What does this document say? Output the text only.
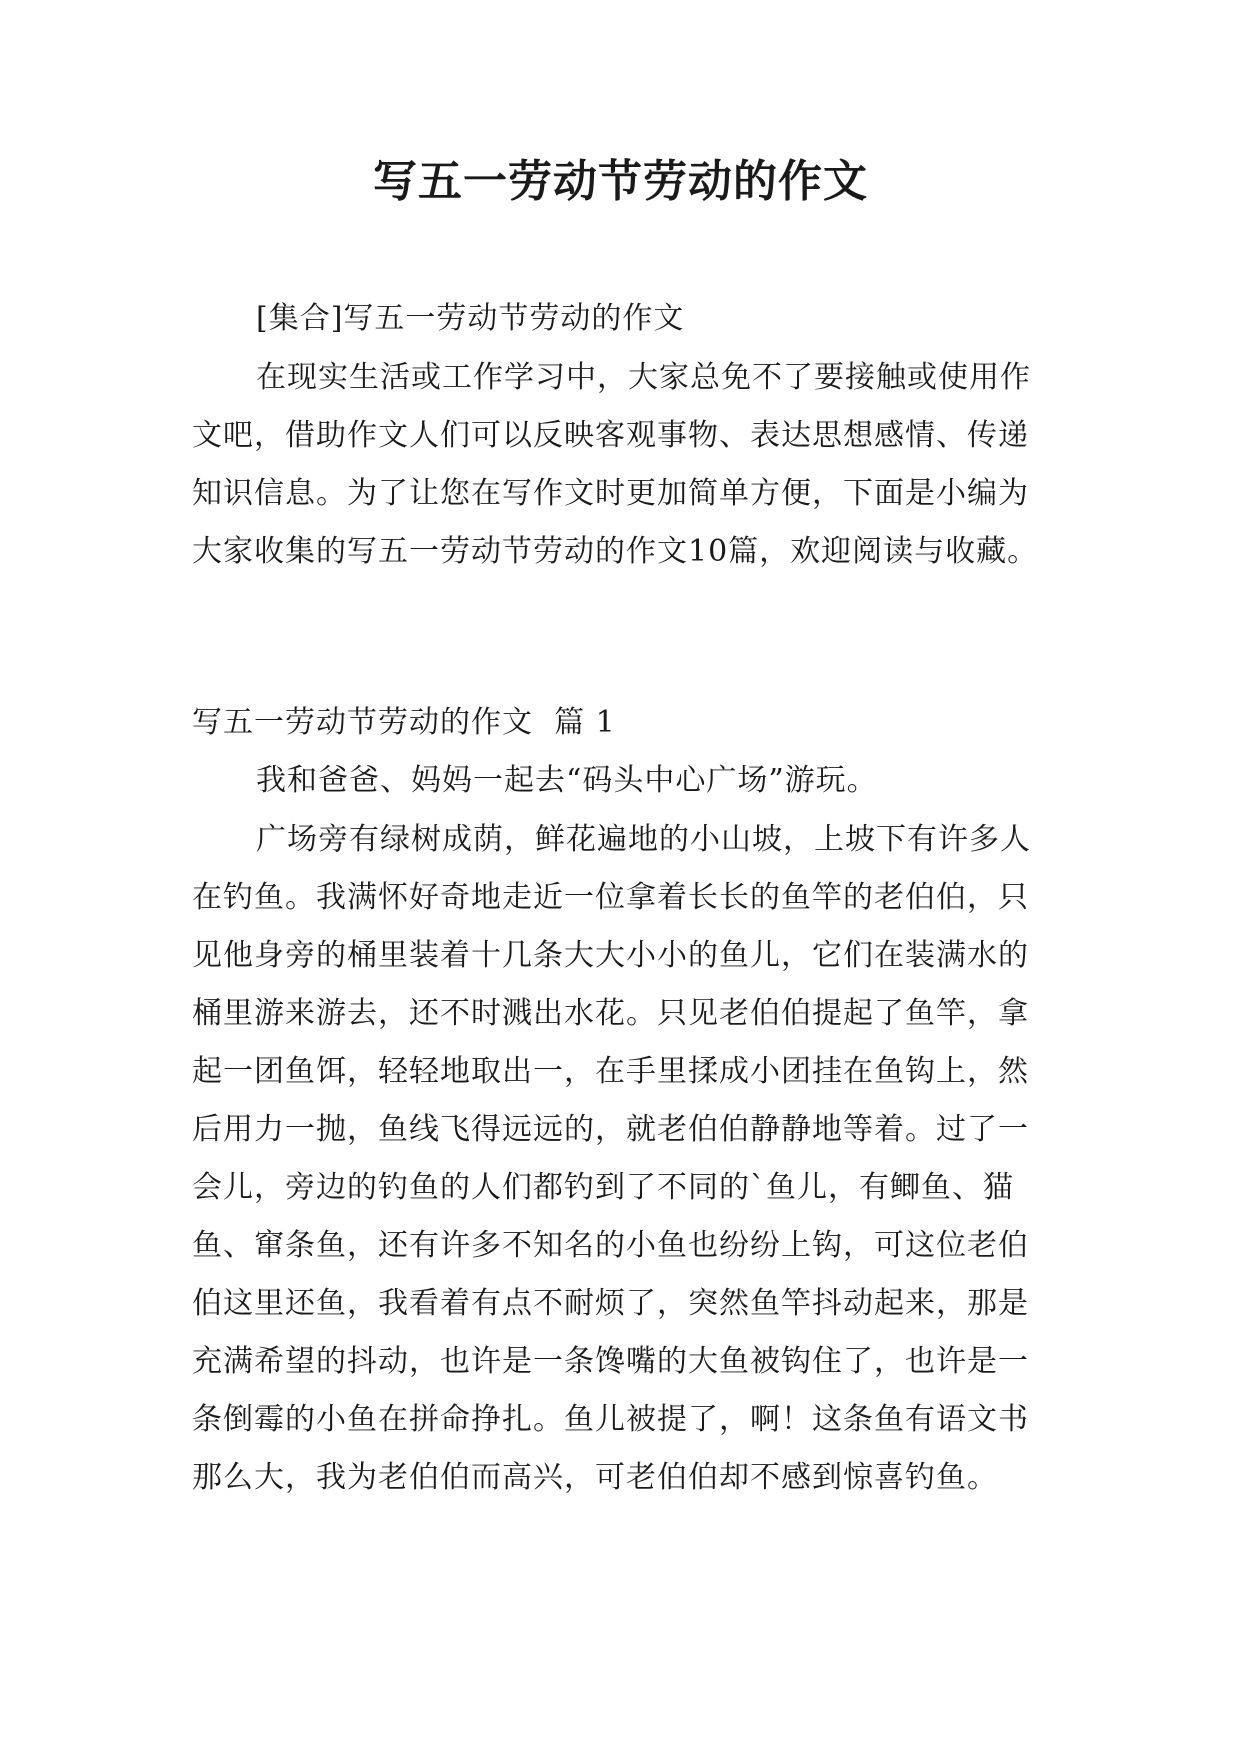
写五一劳动节劳动的作文

[集合]写五一劳动节劳动的作文

在现实生活或工作学习中，大家总免不了要接触或使用作文吧，借助作文人们可以反映客观事物、表达思想感情、传递知识信息。为了让您在写作文时更加简单方便，下面是小编为大家收集的写五一劳动节劳动的作文10篇，欢迎阅读与收藏。

写五一劳动节劳动的作文  篇 1

我和爸爸、妈妈一起去“码头中心广场”游玩。

广场旁有绿树成荫，鲜花遍地的小山坡，上坡下有许多人在钓鱼。我满怀好奇地走近一位拿着长长的鱼竿的老伯伯，只见他身旁的桶里装着十几条大大小小的鱼儿，它们在装满水的桶里游来游去，还不时溅出水花。只见老伯伯提起了鱼竿，拿起一团鱼饵，轻轻地取出一，在手里揉成小团挂在鱼钩上，然后用力一抛，鱼线飞得远远的，就老伯伯静静地等着。过了一会儿，旁边的钓鱼的人们都钓到了不同的`鱼儿，有鲫鱼、猫鱼、窜条鱼，还有许多不知名的小鱼也纷纷上钩，可这位老伯伯这里还鱼，我看着有点不耐烦了，突然鱼竿抖动起来，那是充满希望的抖动，也许是一条馋嘴的大鱼被钩住了，也许是一条倒霉的小鱼在拼命挣扎。鱼儿被提了，啊！这条鱼有语文书那么大，我为老伯伯而高兴，可老伯伯却不感到惊喜钓鱼。
